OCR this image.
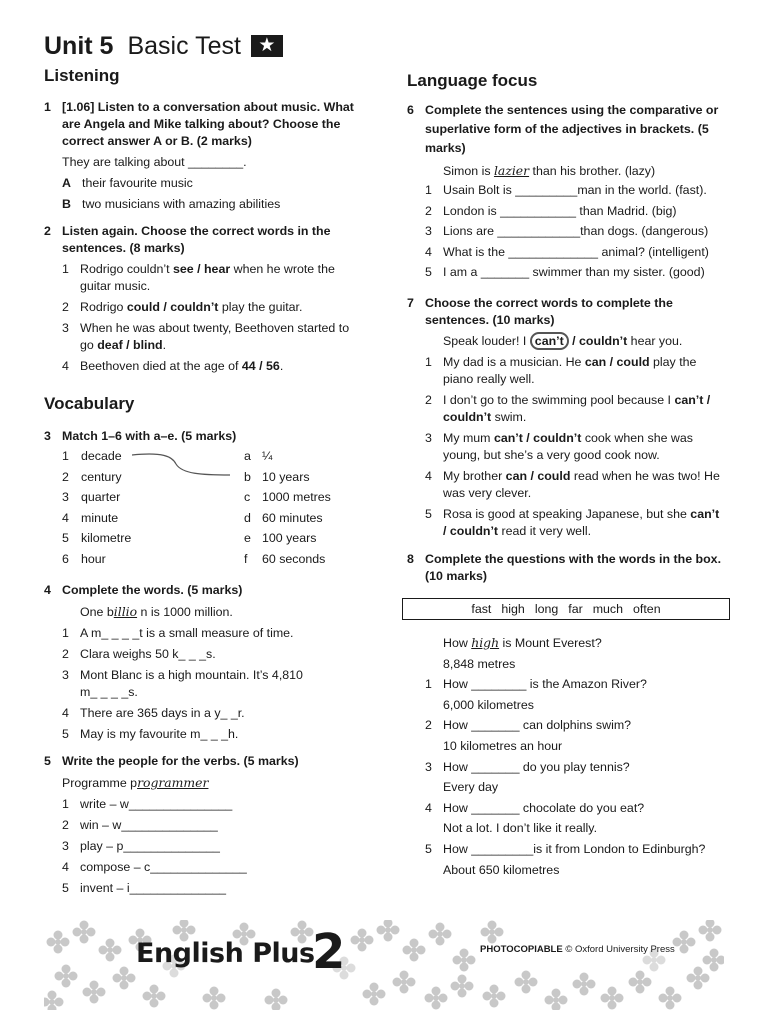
Unit 5 Basic Test ★
Listening

1 [1.06] Listen to a conversation about music. What are Angela and Mike talking about? Choose the correct answer A or B. (2 marks)

They are talking about ________.

A their favourite music

B two musicians with amazing abilities

2 Listen again. Choose the correct words in the sentences. (8 marks)

1 Rodrigo couldn’t see / hear when he wrote the guitar music.

2 Rodrigo could / couldn’t play the guitar.

3 When he was about twenty, Beethoven started to go deaf / blind.

4 Beethoven died at the age of 44 / 56.

Vocabulary

3 Match 1–6 with a–e. (5 marks)

1 decade	a ¼
2 century	b 10 years
3 quarter	c 1000 metres
4 minute	d 60 minutes
5 kilometre	e 100 years
6 hour	f 60 seconds

4 Complete the words. (5 marks)

One billio n is 1000 million.

1 A m_ _ _ _t is a small measure of time.

2 Clara weighs 50 k_ _ _s.

3 Mont Blanc is a high mountain. It’s 4,810 m_ _ _ _s.

4 There are 365 days in a y_ _r.

5 May is my favourite m_ _ _h.

5 Write the people for the verbs. (5 marks)

Programme programmer

1 write – w_______________

2 win – w______________

3 play – p______________

4 compose – c______________

5 invent – i______________

Language focus

6 Complete the sentences using the comparative or superlative form of the adjectives in brackets. (5 marks)

Simon is lazier than his brother. (lazy)

1 Usain Bolt is _________man in the world. (fast).

2 London is ___________ than Madrid. (big)

3 Lions are ____________than dogs. (dangerous)

4 What is the _____________ animal? (intelligent)

5 I am a _______ swimmer than my sister. (good)

7 Choose the correct words to complete the sentences. (10 marks)

Speak louder! I can’t / couldn’t hear you.

1 My dad is a musician. He can / could play the piano really well.

2 I don’t go to the swimming pool because I can’t / couldn’t swim.

3 My mum can’t / couldn’t cook when she was young, but she’s a very good cook now.

4 My brother can / could read when he was two! He was very clever.

5 Rosa is good at speaking Japanese, but she can’t / couldn’t read it very well.

8 Complete the questions with the words in the box. (10 marks)

fast high long far much often

How high is Mount Everest?

8,848 metres

1 How ________ is the Amazon River?

6,000 kilometres

2 How _______ can dolphins swim?

10 kilometres an hour

3 How _______ do you play tennis?

Every day

4 How _______ chocolate do you eat?

Not a lot. I don’t like it really.

5 How _________is it from London to Edinburgh?

About 650 kilometres

English Plus
2	PHOTOCOPIABLE © Oxford University Press
